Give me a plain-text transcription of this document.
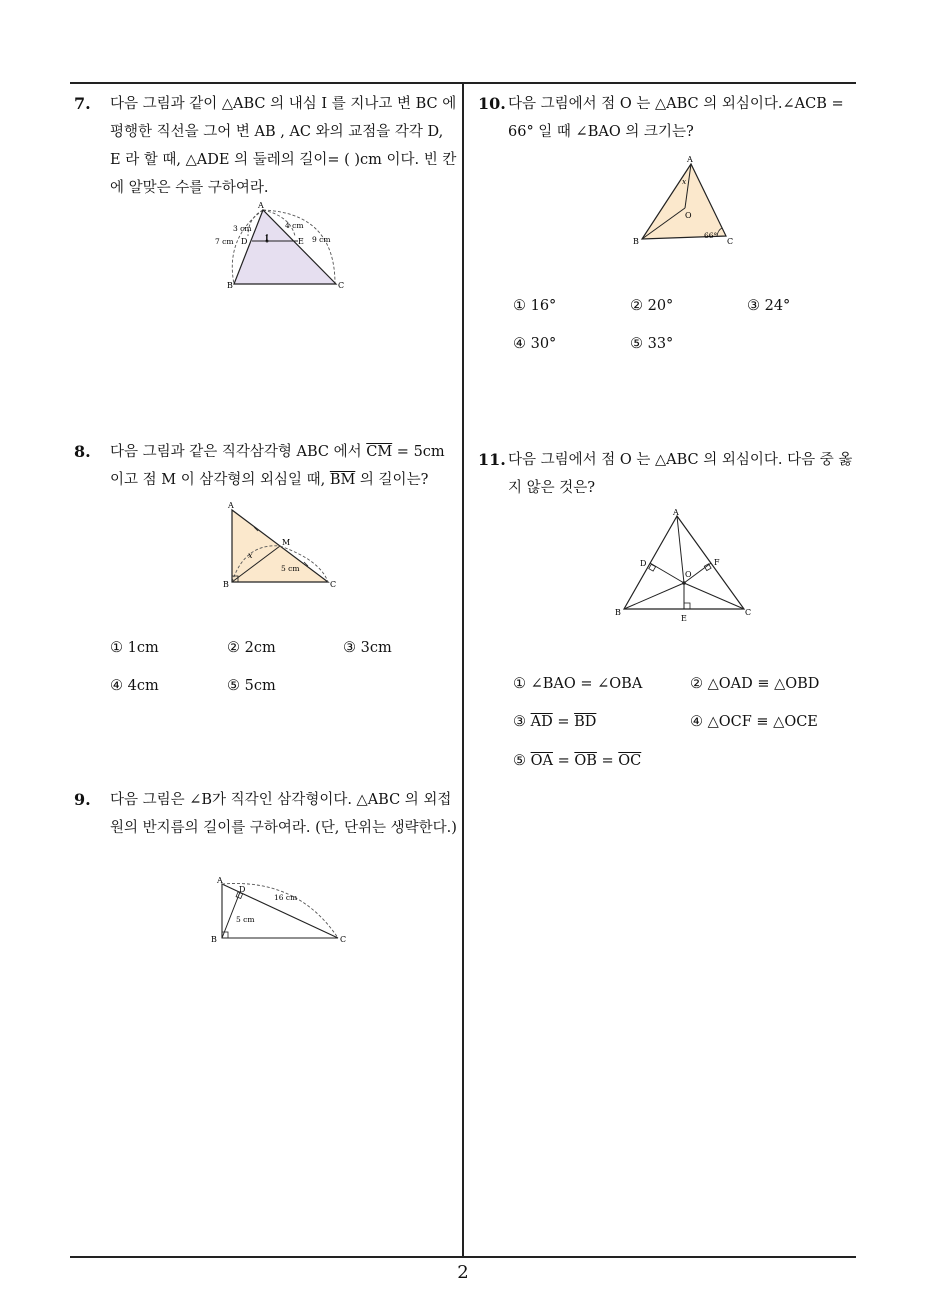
7. 다음 그림과 같이 △ABC 의 내심 I 를 지나고 변 BC 에 평행한 직선을 그어 변 AB , AC 와의 교점을 각각 D, E 라 할 때, △ADE 의 둘레의 길이= ( )cm 이다. 빈 칸에 알맞은 수를 구하여라.
A
B	C
D	E
I
3 cm	4 cm
7 cm	9 cm
8. 다음 그림과 같은 직각삼각형 ABC 에서 $\overline{CM} = 5cm$ 이고 점 M 이 삼각형의 외심일 때, $\overline{BM}$ 의 길이는?
A
B	C
M
x
5 cm
① 1cm	② 2cm	③ 3cm
④ 4cm	⑤ 5cm
9. 다음 그림은 ∠B가 직각인 삼각형이다. △ABC 의 외접원의 반지름의 길이를 구하여라. (단, 단위는 생략한다.)
A
B	C
D
16 cm
5 cm
10. 다음 그림에서 점 O 는 △ABC 의 외심이다.∠ACB = 66° 일 때 ∠BAO 의 크기는?
A
B	C
O
x
66°
① 16°	② 20°	③ 24°
④ 30°	⑤ 33°
11. 다음 그림에서 점 O 는 △ABC 의 외심이다. 다음 중 옳지 않은 것은?
A
B	C
D
E
F
O
① ∠BAO = ∠OBA	② △OAD ≡ △OBD
③ $\overline{AD} = \overline{BD}$	④ △OCF ≡ △OCE
⑤ $\overline{OA} = \overline{OB} = \overline{OC}$
2
